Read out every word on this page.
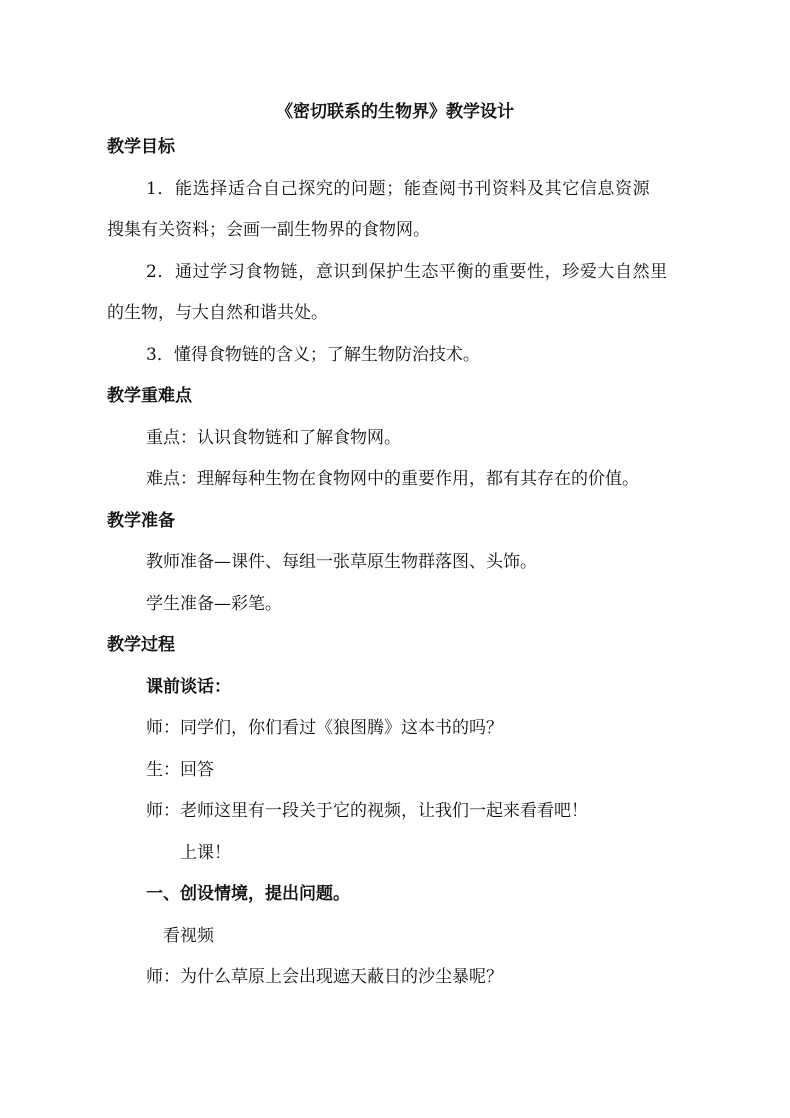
《密切联系的生物界》教学设计
教学目标
1．能选择适合自己探究的问题；能查阅书刊资料及其它信息资源
搜集有关资料；会画一副生物界的食物网。
2．通过学习食物链，意识到保护生态平衡的重要性，珍爱大自然里
的生物，与大自然和谐共处。
3．懂得食物链的含义；了解生物防治技术。
教学重难点
重点：认识食物链和了解食物网。
难点：理解每种生物在食物网中的重要作用，都有其存在的价值。
教学准备
教师准备—课件、每组一张草原生物群落图、头饰。
学生准备—彩笔。
教学过程
课前谈话：
师：同学们，你们看过《狼图腾》这本书的吗？
生：回答
师：老师这里有一段关于它的视频，让我们一起来看看吧！
上课！
一、创设情境，提出问题。
看视频
师：为什么草原上会出现遮天蔽日的沙尘暴呢？
